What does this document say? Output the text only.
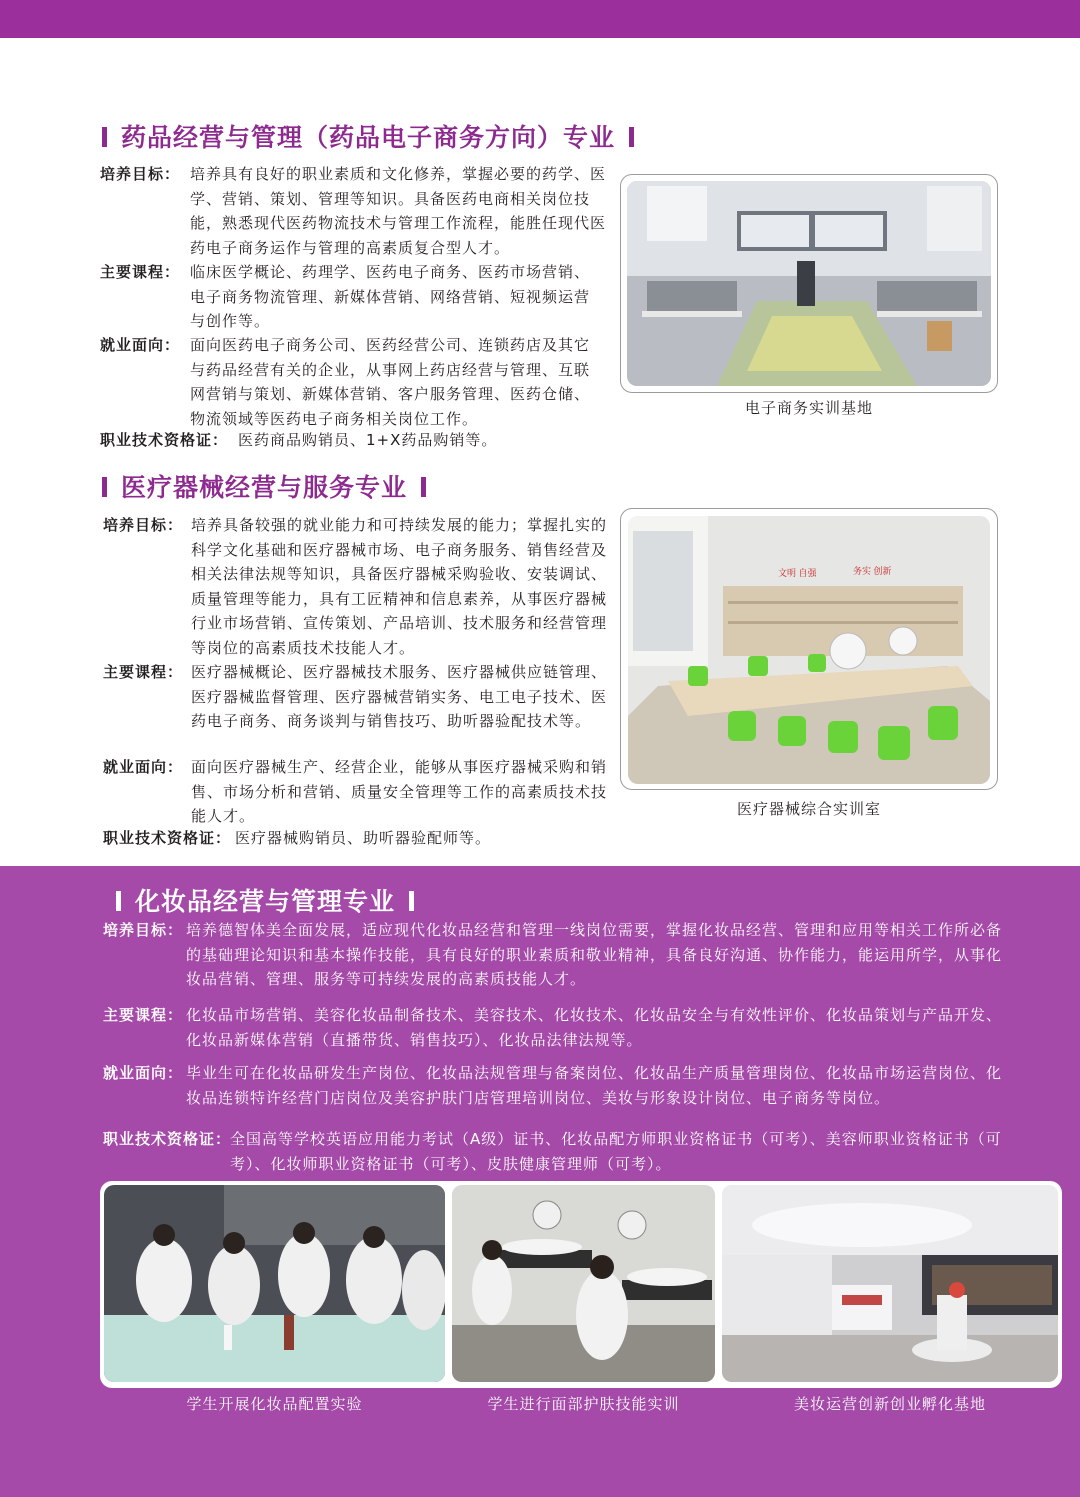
药品经营与管理（药品电子商务方向）专业
培养目标： 培养具有良好的职业素质和文化修养，掌握必要的药学、医学、营销、策划、管理等知识。具备医药电商相关岗位技能，熟悉现代医药物流技术与管理工作流程，能胜任现代医药电子商务运作与管理的高素质复合型人才。
主要课程： 临床医学概论、药理学、医药电子商务、医药市场营销、电子商务物流管理、新媒体营销、网络营销、短视频运营与创作等。
就业面向： 面向医药电子商务公司、医药经营公司、连锁药店及其它与药品经营有关的企业，从事网上药店经营与管理、互联网营销与策划、新媒体营销、客户服务管理、医药仓储、物流领域等医药电子商务相关岗位工作。
职业技术资格证： 医药商品购销员、1+X药品购销等。
电子商务实训基地
医疗器械经营与服务专业
培养目标： 培养具备较强的就业能力和可持续发展的能力；掌握扎实的科学文化基础和医疗器械市场、电子商务服务、销售经营及相关法律法规等知识，具备医疗器械采购验收、安装调试、质量管理等能力，具有工匠精神和信息素养，从事医疗器械行业市场营销、宣传策划、产品培训、技术服务和经营管理等岗位的高素质技术技能人才。
主要课程： 医疗器械概论、医疗器械技术服务、医疗器械供应链管理、医疗器械监督管理、医疗器械营销实务、电工电子技术、医药电子商务、商务谈判与销售技巧、助听器验配技术等。
就业面向： 面向医疗器械生产、经营企业，能够从事医疗器械采购和销售、市场分析和营销、质量安全管理等工作的高素质技术技能人才。
职业技术资格证： 医疗器械购销员、助听器验配师等。
文明 自强	务实 创新
医疗器械综合实训室
化妆品经营与管理专业
培养目标： 培养德智体美全面发展，适应现代化妆品经营和管理一线岗位需要，掌握化妆品经营、管理和应用等相关工作所必备的基础理论知识和基本操作技能，具有良好的职业素质和敬业精神，具备良好沟通、协作能力，能运用所学，从事化妆品营销、管理、服务等可持续发展的高素质技能人才。
主要课程： 化妆品市场营销、美容化妆品制备技术、美容技术、化妆技术、化妆品安全与有效性评价、化妆品策划与产品开发、化妆品新媒体营销（直播带货、销售技巧）、化妆品法律法规等。
就业面向： 毕业生可在化妆品研发生产岗位、化妆品法规管理与备案岗位、化妆品生产质量管理岗位、化妆品市场运营岗位、化妆品连锁特许经营门店岗位及美容护肤门店管理培训岗位、美妆与形象设计岗位、电子商务等岗位。
职业技术资格证：
全国高等学校英语应用能力考试（A级）证书、化妆品配方师职业资格证书（可考）、美容师职业资格证书（可考）、化妆师职业资格证书（可考）、皮肤健康管理师（可考）。
学生开展化妆品配置实验	学生进行面部护肤技能实训	美妆运营创新创业孵化基地
